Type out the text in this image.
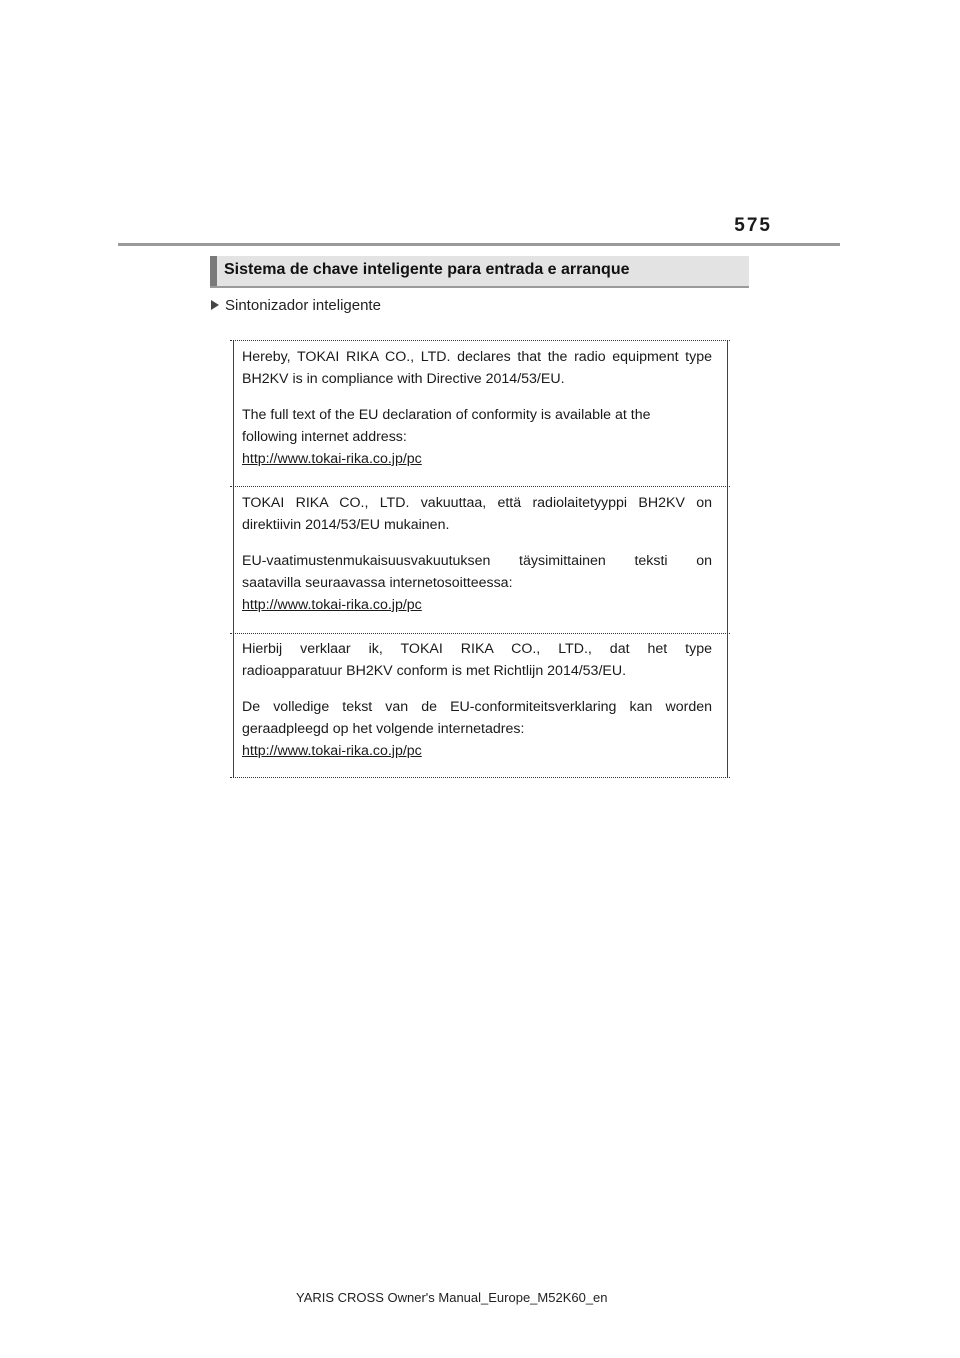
575
Sistema de chave inteligente para entrada e arranque
Sintonizador inteligente

Hereby, TOKAI RIKA CO., LTD. declares that the radio equipment type

BH2KV is in compliance with Directive 2014/53/EU.

The full text of the EU declaration of conformity is available at the

following internet address:

http://www.tokai-rika.co.jp/pc

TOKAI RIKA CO., LTD. vakuuttaa, että radiolaitetyyppi BH2KV on

direktiivin 2014/53/EU mukainen.

EU-vaatimustenmukaisuusvakuutuksen täysimittainen teksti on

saatavilla seuraavassa internetosoitteessa:

http://www.tokai-rika.co.jp/pc

Hierbij verklaar ik, TOKAI RIKA CO., LTD., dat het type

radioapparatuur BH2KV conform is met Richtlijn 2014/53/EU.

De volledige tekst van de EU-conformiteitsverklaring kan worden

geraadpleegd op het volgende internetadres:

http://www.tokai-rika.co.jp/pc

YARIS CROSS Owner's Manual_Europe_M52K60_en
